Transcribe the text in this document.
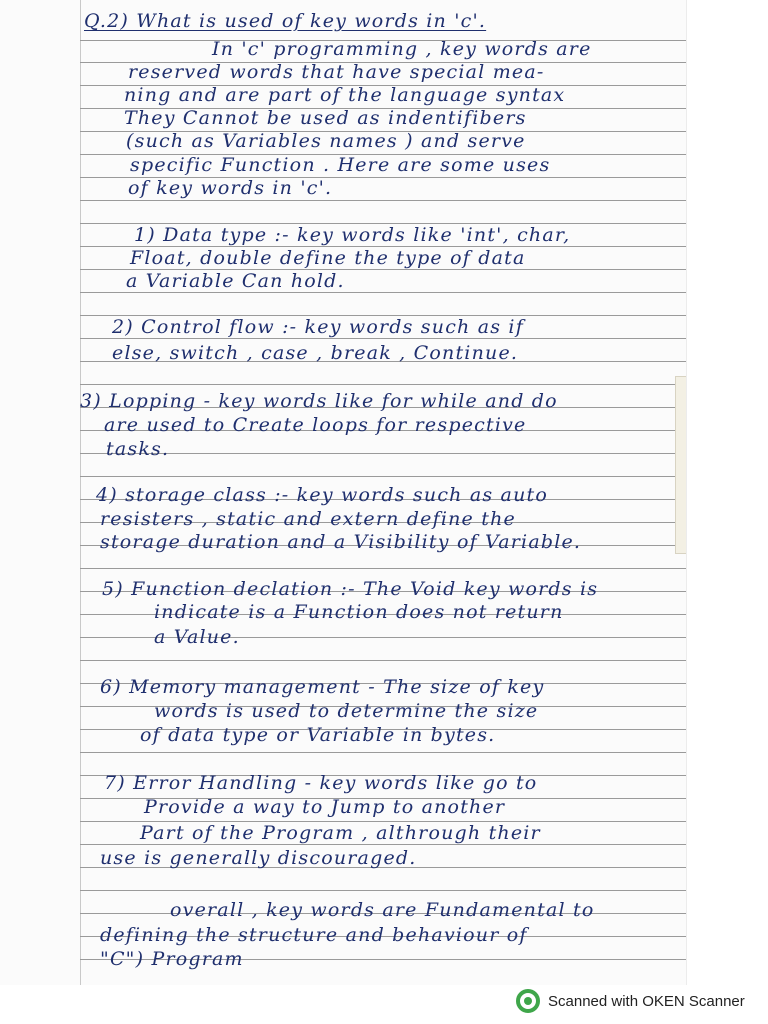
Q.2) What is used of key words in 'c'.
In 'c' programming , key words are
reserved words that have special mea-
ning and are part of the language syntax
They Cannot be used as indentifibers
(such as Variables names ) and serve
specific Function . Here are some uses
of key words in 'c'.
1) Data type :- key words like 'int', char,
Float, double define the type of data
a Variable Can hold.
2) Control flow :- key words such as if
else, switch , case , break , Continue.
3) Lopping - key words like for while and do
are used to Create loops for respective
tasks.
4) storage class :- key words such as auto
resisters , static and extern define the
storage duration and a Visibility of Variable.
5) Function declation :- The Void key words is
indicate is a Function does not return
a Value.
6) Memory management - The size of key
words is used to determine the size
of data type or Variable in bytes.
7) Error Handling - key words like go to
Provide a way to Jump to another
Part of the Program , althrough their
use is generally discouraged.
overall , key words are Fundamental to
defining the structure and behaviour of
"C") Program
Scanned with OKEN Scanner
